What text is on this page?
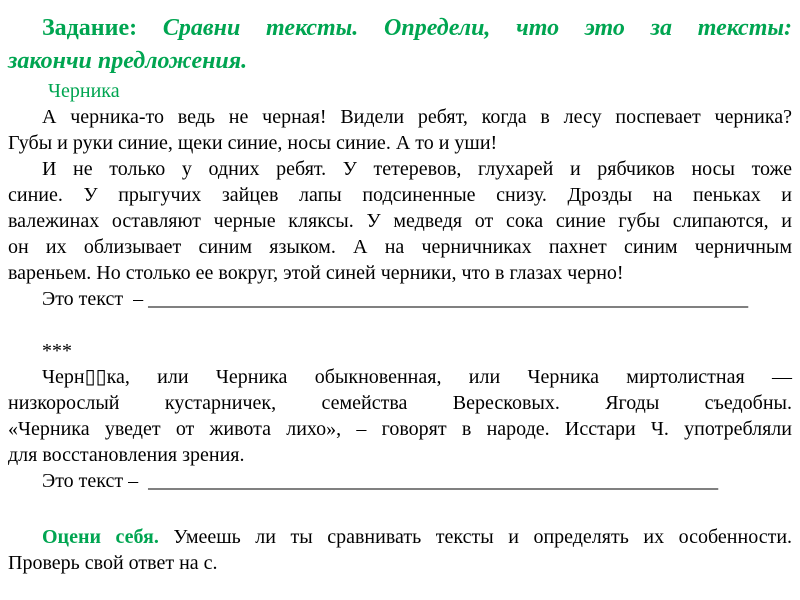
Задание: Сравни тексты. Определи, что это за тексты:
закончи предложения.
Черника
А черника-то ведь не черная! Видели ребят, когда в лесу поспевает черника?
Губы и руки синие, щеки синие, носы синие. А то и уши!
И не только у одних ребят. У тетеревов, глухарей и рябчиков носы тоже
синие. У прыгучих зайцев лапы подсиненные снизу. Дрозды на пеньках и
валежинах оставляют черные кляксы. У медведя от сока синие губы слипаются, и
он их облизывает синим языком. А на черничниках пахнет синим черничным
вареньем. Но столько ее вокруг, этой синей черники, что в глазах черно!
Это текст  – ____________________________________________________________
***
Черн▯▯ка, или Черника обыкновенная, или Черника миртолистная —
низкорослый кустарничек, семейства Вересковых. Ягоды съедобны.
«Черника уведет от живота лихо», – говорят в народе. Исстари Ч. употребляли
для восстановления зрения.
Это текст –  _________________________________________________________
Оцени себя. Умеешь ли ты сравнивать тексты и определять их особенности.
Проверь свой ответ на с.
